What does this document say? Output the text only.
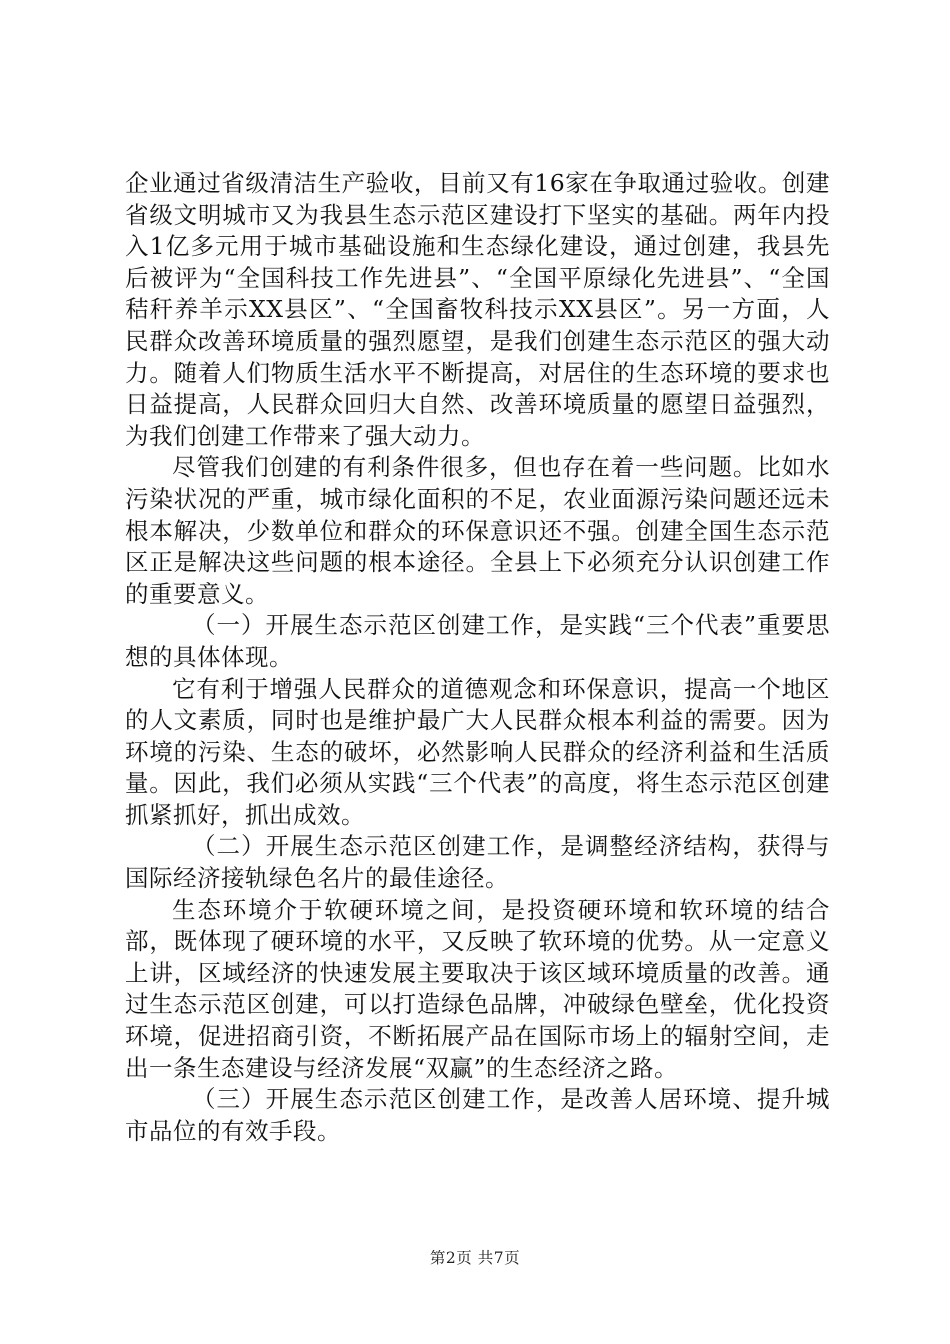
企业通过省级清洁生产验收，目前又有16家在争取通过验收。创建省级文明城市又为我县生态示范区建设打下坚实的基础。两年内投入1亿多元用于城市基础设施和生态绿化建设，通过创建，我县先后被评为“全国科技工作先进县”、“全国平原绿化先进县”、“全国秸秆养羊示XX县区”、“全国畜牧科技示XX县区”。另一方面，人民群众改善环境质量的强烈愿望，是我们创建生态示范区的强大动力。随着人们物质生活水平不断提高，对居住的生态环境的要求也日益提高，人民群众回归大自然、改善环境质量的愿望日益强烈，为我们创建工作带来了强大动力。

尽管我们创建的有利条件很多，但也存在着一些问题。比如水污染状况的严重，城市绿化面积的不足，农业面源污染问题还远未根本解决，少数单位和群众的环保意识还不强。创建全国生态示范区正是解决这些问题的根本途径。全县上下必须充分认识创建工作的重要意义。

（一）开展生态示范区创建工作，是实践“三个代表”重要思想的具体体现。

它有利于增强人民群众的道德观念和环保意识，提高一个地区的人文素质，同时也是维护最广大人民群众根本利益的需要。因为环境的污染、生态的破坏，必然影响人民群众的经济利益和生活质量。因此，我们必须从实践“三个代表”的高度，将生态示范区创建抓紧抓好，抓出成效。

（二）开展生态示范区创建工作，是调整经济结构，获得与国际经济接轨绿色名片的最佳途径。

生态环境介于软硬环境之间，是投资硬环境和软环境的结合部，既体现了硬环境的水平，又反映了软环境的优势。从一定意义上讲，区域经济的快速发展主要取决于该区域环境质量的改善。通过生态示范区创建，可以打造绿色品牌，冲破绿色壁垒，优化投资环境，促进招商引资，不断拓展产品在国际市场上的辐射空间，走出一条生态建设与经济发展“双赢”的生态经济之路。

（三）开展生态示范区创建工作，是改善人居环境、提升城市品位的有效手段。

第2页 共7页
